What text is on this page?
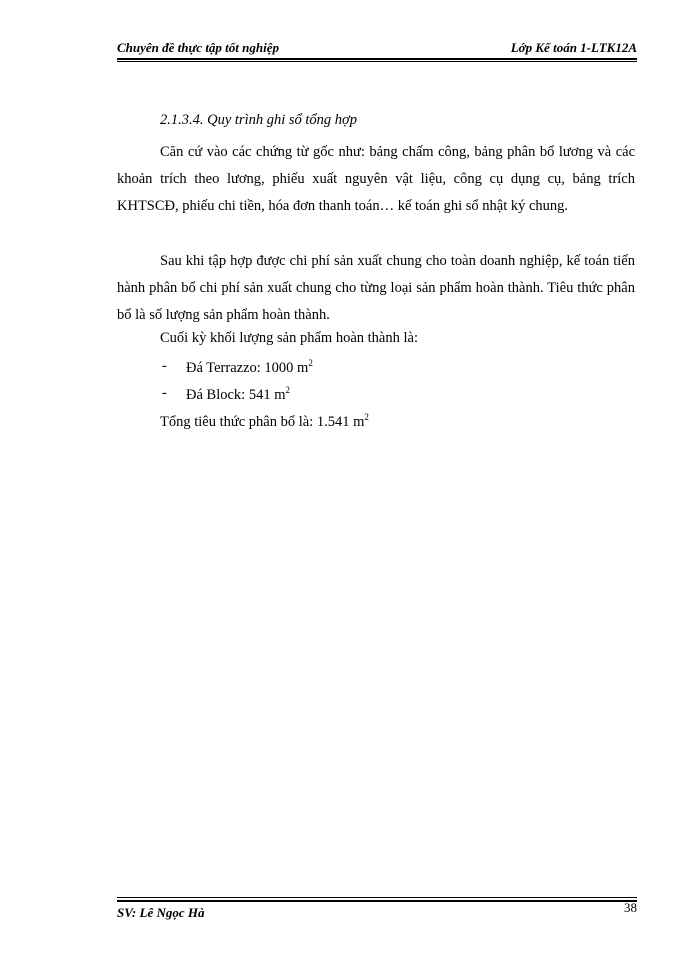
Chuyên đề thực tập tốt nghiệp	Lớp Kế toán 1-LTK12A
2.1.3.4. Quy trình ghi sổ tổng hợp

Căn cứ vào các chứng từ gốc như: bảng chấm công, bảng phân bổ lương và các khoản trích theo lương, phiếu xuất nguyên vật liệu, công cụ dụng cụ, bảng trích KHTSCĐ, phiếu chi tiền, hóa đơn thanh toán… kế toán ghi sổ nhật ký chung.

Sau khi tập hợp được chi phí sản xuất chung cho toàn doanh nghiệp, kế toán tiến hành phân bổ chi phí sản xuất chung cho từng loại sản phẩm hoàn thành. Tiêu thức phân bổ là số lượng sản phẩm hoàn thành.

Cuối kỳ khối lượng sản phẩm hoàn thành là:
- Đá Terrazzo: 1000 $m^2$
- Đá Block: 541 $m^2$
Tổng tiêu thức phân bổ là: 1.541 $m^2$
SV: Lê Ngọc Hà	38
